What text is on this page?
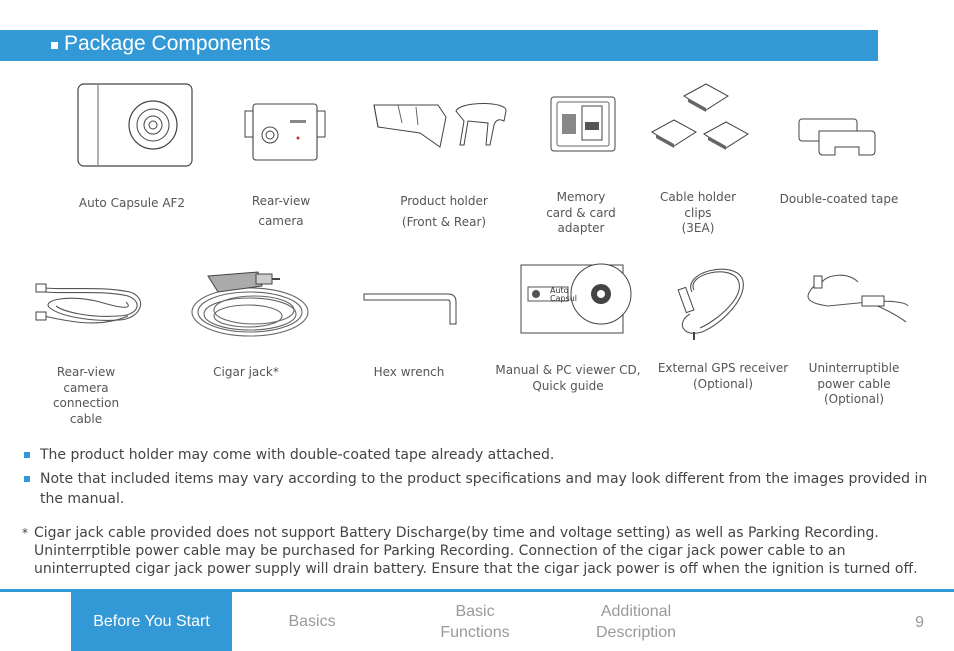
Package Components
Auto Capsule AF2	Rear-view
camera
Product holder
(Front & Rear)
Memory
card & card
adapter
Cable holder
clips
(3EA)
Double-coated tape
Auto
Capsul
Rear-view
camera
connection
cable
Cigar jack*	Hex wrench	Manual & PC viewer CD,
Quick guide
External GPS receiver
(Optional)
Uninterruptible
power cable
(Optional)
The product holder may come with double-coated tape already attached.
Note that included items may vary according to the product specifications and may look different from the images provided in the manual.
* Cigar jack cable provided does not support Battery Discharge(by time and voltage setting) as well as Parking Recording. Uninterrptible power cable may be purchased for Parking Recording. Connection of the cigar jack power cable to an uninterrupted cigar jack power supply will drain battery. Ensure that the cigar jack power is off when the ignition is turned off.
Before You Start	Basics
Basic
Functions
Additional
Description
9
